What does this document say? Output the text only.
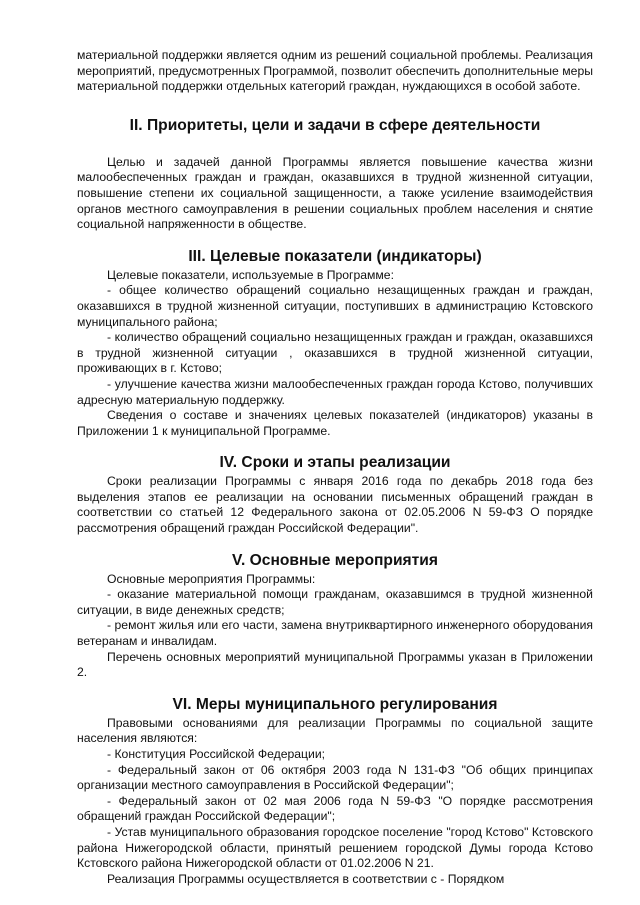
материальной поддержки является одним из решений социальной проблемы. Реализация мероприятий, предусмотренных Программой, позволит обеспечить дополнительные меры материальной поддержки отдельных категорий граждан, нуждающихся в особой заботе.

II. Приоритеты, цели и задачи в сфере деятельности

Целью и задачей данной Программы является повышение качества жизни малообеспеченных граждан и граждан, оказавшихся в трудной жизненной ситуации, повышение степени их социальной защищенности, а также усиление взаимодействия органов местного самоуправления в решении социальных проблем населения и снятие социальной напряженности в обществе.

III. Целевые показатели (индикаторы)

Целевые показатели, используемые в Программе:

- общее количество обращений социально незащищенных граждан и граждан, оказавшихся в трудной жизненной ситуации, поступивших в администрацию Кстовского муниципального района;

- количество обращений социально незащищенных граждан и граждан, оказавшихся в трудной жизненной ситуации , оказавшихся в трудной жизненной ситуации, проживающих в г. Кстово;

- улучшение качества жизни малообеспеченных граждан города Кстово, получивших адресную материальную поддержку.

Сведения о составе и значениях целевых показателей (индикаторов) указаны в Приложении 1 к муниципальной Программе.

IV. Сроки и этапы реализации

Сроки реализации Программы с января 2016 года по декабрь 2018 года без выделения этапов ее реализации на основании письменных обращений граждан в соответствии со статьей 12 Федерального закона от 02.05.2006 N 59-ФЗ О порядке рассмотрения обращений граждан Российской Федерации".

V. Основные мероприятия

Основные мероприятия Программы:

- оказание материальной помощи гражданам, оказавшимся в трудной жизненной ситуации, в виде денежных средств;

- ремонт жилья или его части, замена внутриквартирного инженерного оборудования ветеранам и инвалидам.

Перечень основных мероприятий муниципальной Программы указан в Приложении 2.

VI. Меры муниципального регулирования

Правовыми основаниями для реализации Программы по социальной защите населения являются:

- Конституция Российской Федерации;

- Федеральный закон от 06 октября 2003 года N 131-ФЗ "Об общих принципах организации местного самоуправления в Российской Федерации";

- Федеральный закон от 02 мая 2006 года N 59-ФЗ "О порядке рассмотрения обращений граждан Российской Федерации";

- Устав муниципального образования городское поселение "город Кстово" Кстовского района Нижегородской области, принятый решением городской Думы города Кстово Кстовского района Нижегородской области от 01.02.2006 N 21.

Реализация Программы осуществляется в соответствии с - Порядком
